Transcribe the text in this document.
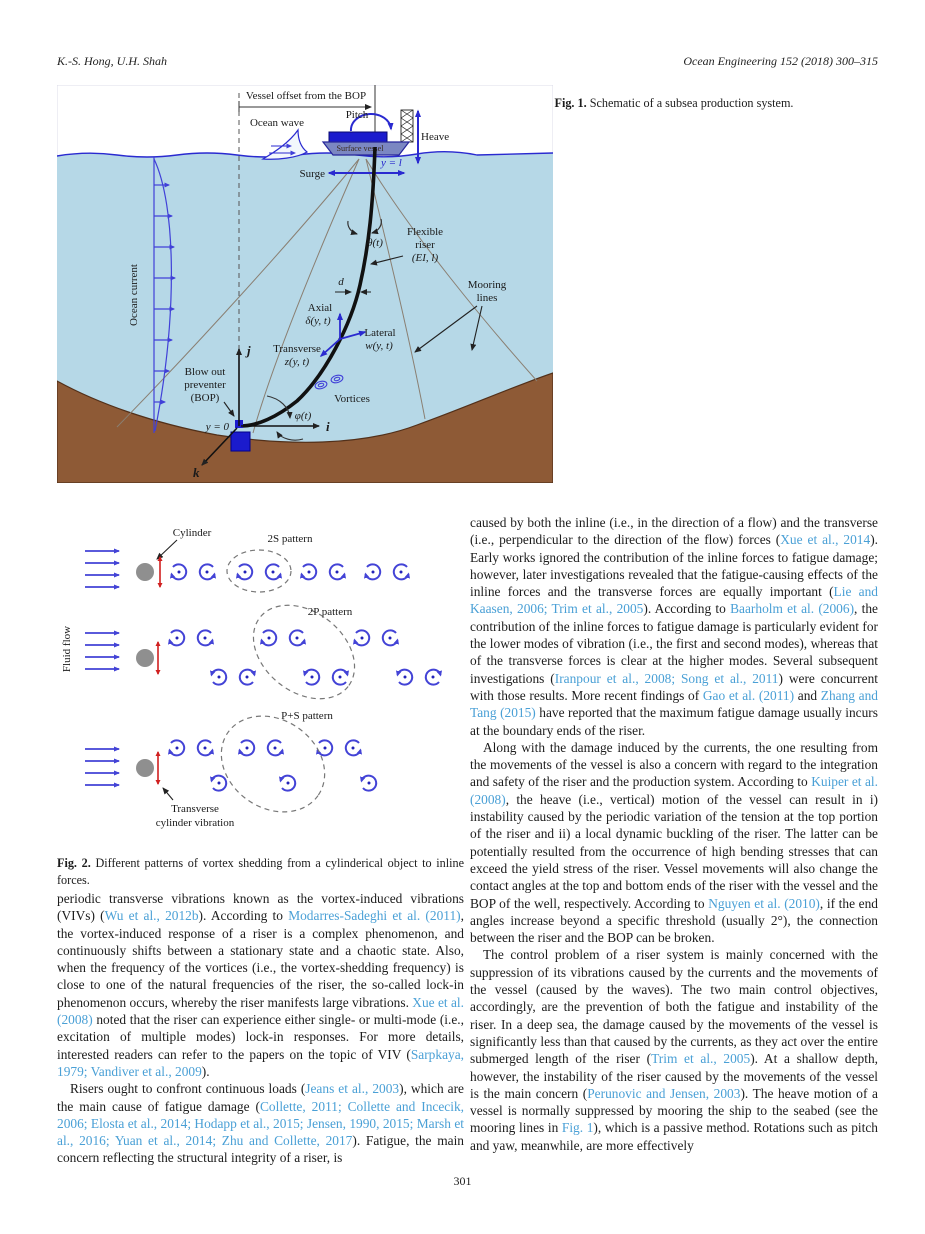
K.-S. Hong, U.H. Shah	Ocean Engineering 152 (2018) 300–315

Fig. 1. Schematic of a subsea production system.

Ocean current
Vessel offset from the BOP
Ocean wave
Surface vessel
Pitch
Heave
Surge
y = l
θ(t)
Flexible
riser
(EI, l)
d
Axial
δ(y, t)
Lateral
w(y, t)
Transverse
z(y, t)
Vortices
Mooring
lines
Blow out
preventer
(BOP)
y = 0
j
i
k
φ(t)
Cylinder	2S pattern
Fluid flow
2P pattern
P+S pattern
Transverse
cylinder vibration

Fig. 2. Different patterns of vortex shedding from a cylinderical object to inline forces.

periodic transverse vibrations known as the vortex-induced vibrations (VIVs) (Wu et al., 2012b). According to Modarres-Sadeghi et al. (2011), the vortex-induced response of a riser is a complex phenomenon, and continuously shifts between a stationary state and a chaotic state. Also, when the frequency of the vortices (i.e., the vortex-shedding frequency) is close to one of the natural frequencies of the riser, the so-called lock-in phenomenon occurs, whereby the riser manifests large vibrations. Xue et al. (2008) noted that the riser can experience either single- or multi-mode (i.e., excitation of multiple modes) lock-in responses. For more details, interested readers can refer to the papers on the topic of VIV (Sarpkaya, 1979; Vandiver et al., 2009).

Risers ought to confront continuous loads (Jeans et al., 2003), which are the main cause of fatigue damage (Collette, 2011; Collette and Incecik, 2006; Elosta et al., 2014; Hodapp et al., 2015; Jensen, 1990, 2015; Marsh et al., 2016; Yuan et al., 2014; Zhu and Collette, 2017). Fatigue, the main concern reflecting the structural integrity of a riser, is

caused by both the inline (i.e., in the direction of a flow) and the transverse (i.e., perpendicular to the direction of the flow) forces (Xue et al., 2014). Early works ignored the contribution of the inline forces to fatigue damage; however, later investigations revealed that the fatigue-causing effects of the inline forces and the transverse forces are equally important (Lie and Kaasen, 2006; Trim et al., 2005). According to Baarholm et al. (2006), the contribution of the inline forces to fatigue damage is particularly evident for the lower modes of vibration (i.e., the first and second modes), whereas that of the transverse forces is clear at the higher modes. Several subsequent investigations (Iranpour et al., 2008; Song et al., 2011) were concurrent with those results. More recent findings of Gao et al. (2011) and Zhang and Tang (2015) have reported that the maximum fatigue damage usually incurs at the boundary ends of the riser.

Along with the damage induced by the currents, the one resulting from the movements of the vessel is also a concern with regard to the integration and safety of the riser and the production system. According to Kuiper et al. (2008), the heave (i.e., vertical) motion of the vessel can result in i) instability caused by the periodic variation of the tension at the top portion of the riser and ii) a local dynamic buckling of the riser. The latter can be potentially resulted from the occurrence of high bending stresses that can exceed the yield stress of the riser. Vessel movements will also change the contact angles at the top and bottom ends of the riser with the vessel and the BOP of the well, respectively. According to Nguyen et al. (2010), if the end angles increase beyond a specific threshold (usually 2°), the connection between the riser and the BOP can be broken.

The control problem of a riser system is mainly concerned with the suppression of its vibrations caused by the currents and the movements of the vessel (caused by the waves). The two main control objectives, accordingly, are the prevention of both the fatigue and instability of the riser. In a deep sea, the damage caused by the movements of the vessel is significantly less than that caused by the currents, as they act over the entire submerged length of the riser (Trim et al., 2005). At a shallow depth, however, the instability of the riser caused by the movements of the vessel is the main concern (Perunovic and Jensen, 2003). The heave motion of a vessel is normally suppressed by mooring the ship to the seabed (see the mooring lines in Fig. 1), which is a passive method. Rotations such as pitch and yaw, meanwhile, are more effectively

301
